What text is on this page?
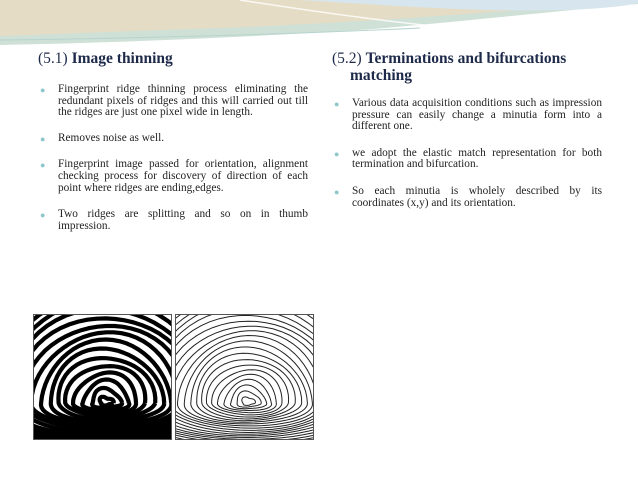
(5.1) Image thinning
● Fingerprint ridge thinning process eliminating the redundant pixels of ridges and this will carried out till the ridges are just one pixel wide in length.
● Removes noise as well.
● Fingerprint image passed for orientation, alignment checking process for discovery of direction of each point where ridges are ending,edges.
● Two ridges are splitting and so on in thumb impression.
(5.2) Terminations and bifurcations
matching
● Various data acquisition conditions such as impression pressure can easily change a minutia form into a different one.
● we adopt the elastic match representation for both termination and bifurcation.
● So each minutia is wholely described by its coordinates (x,y) and its orientation.
